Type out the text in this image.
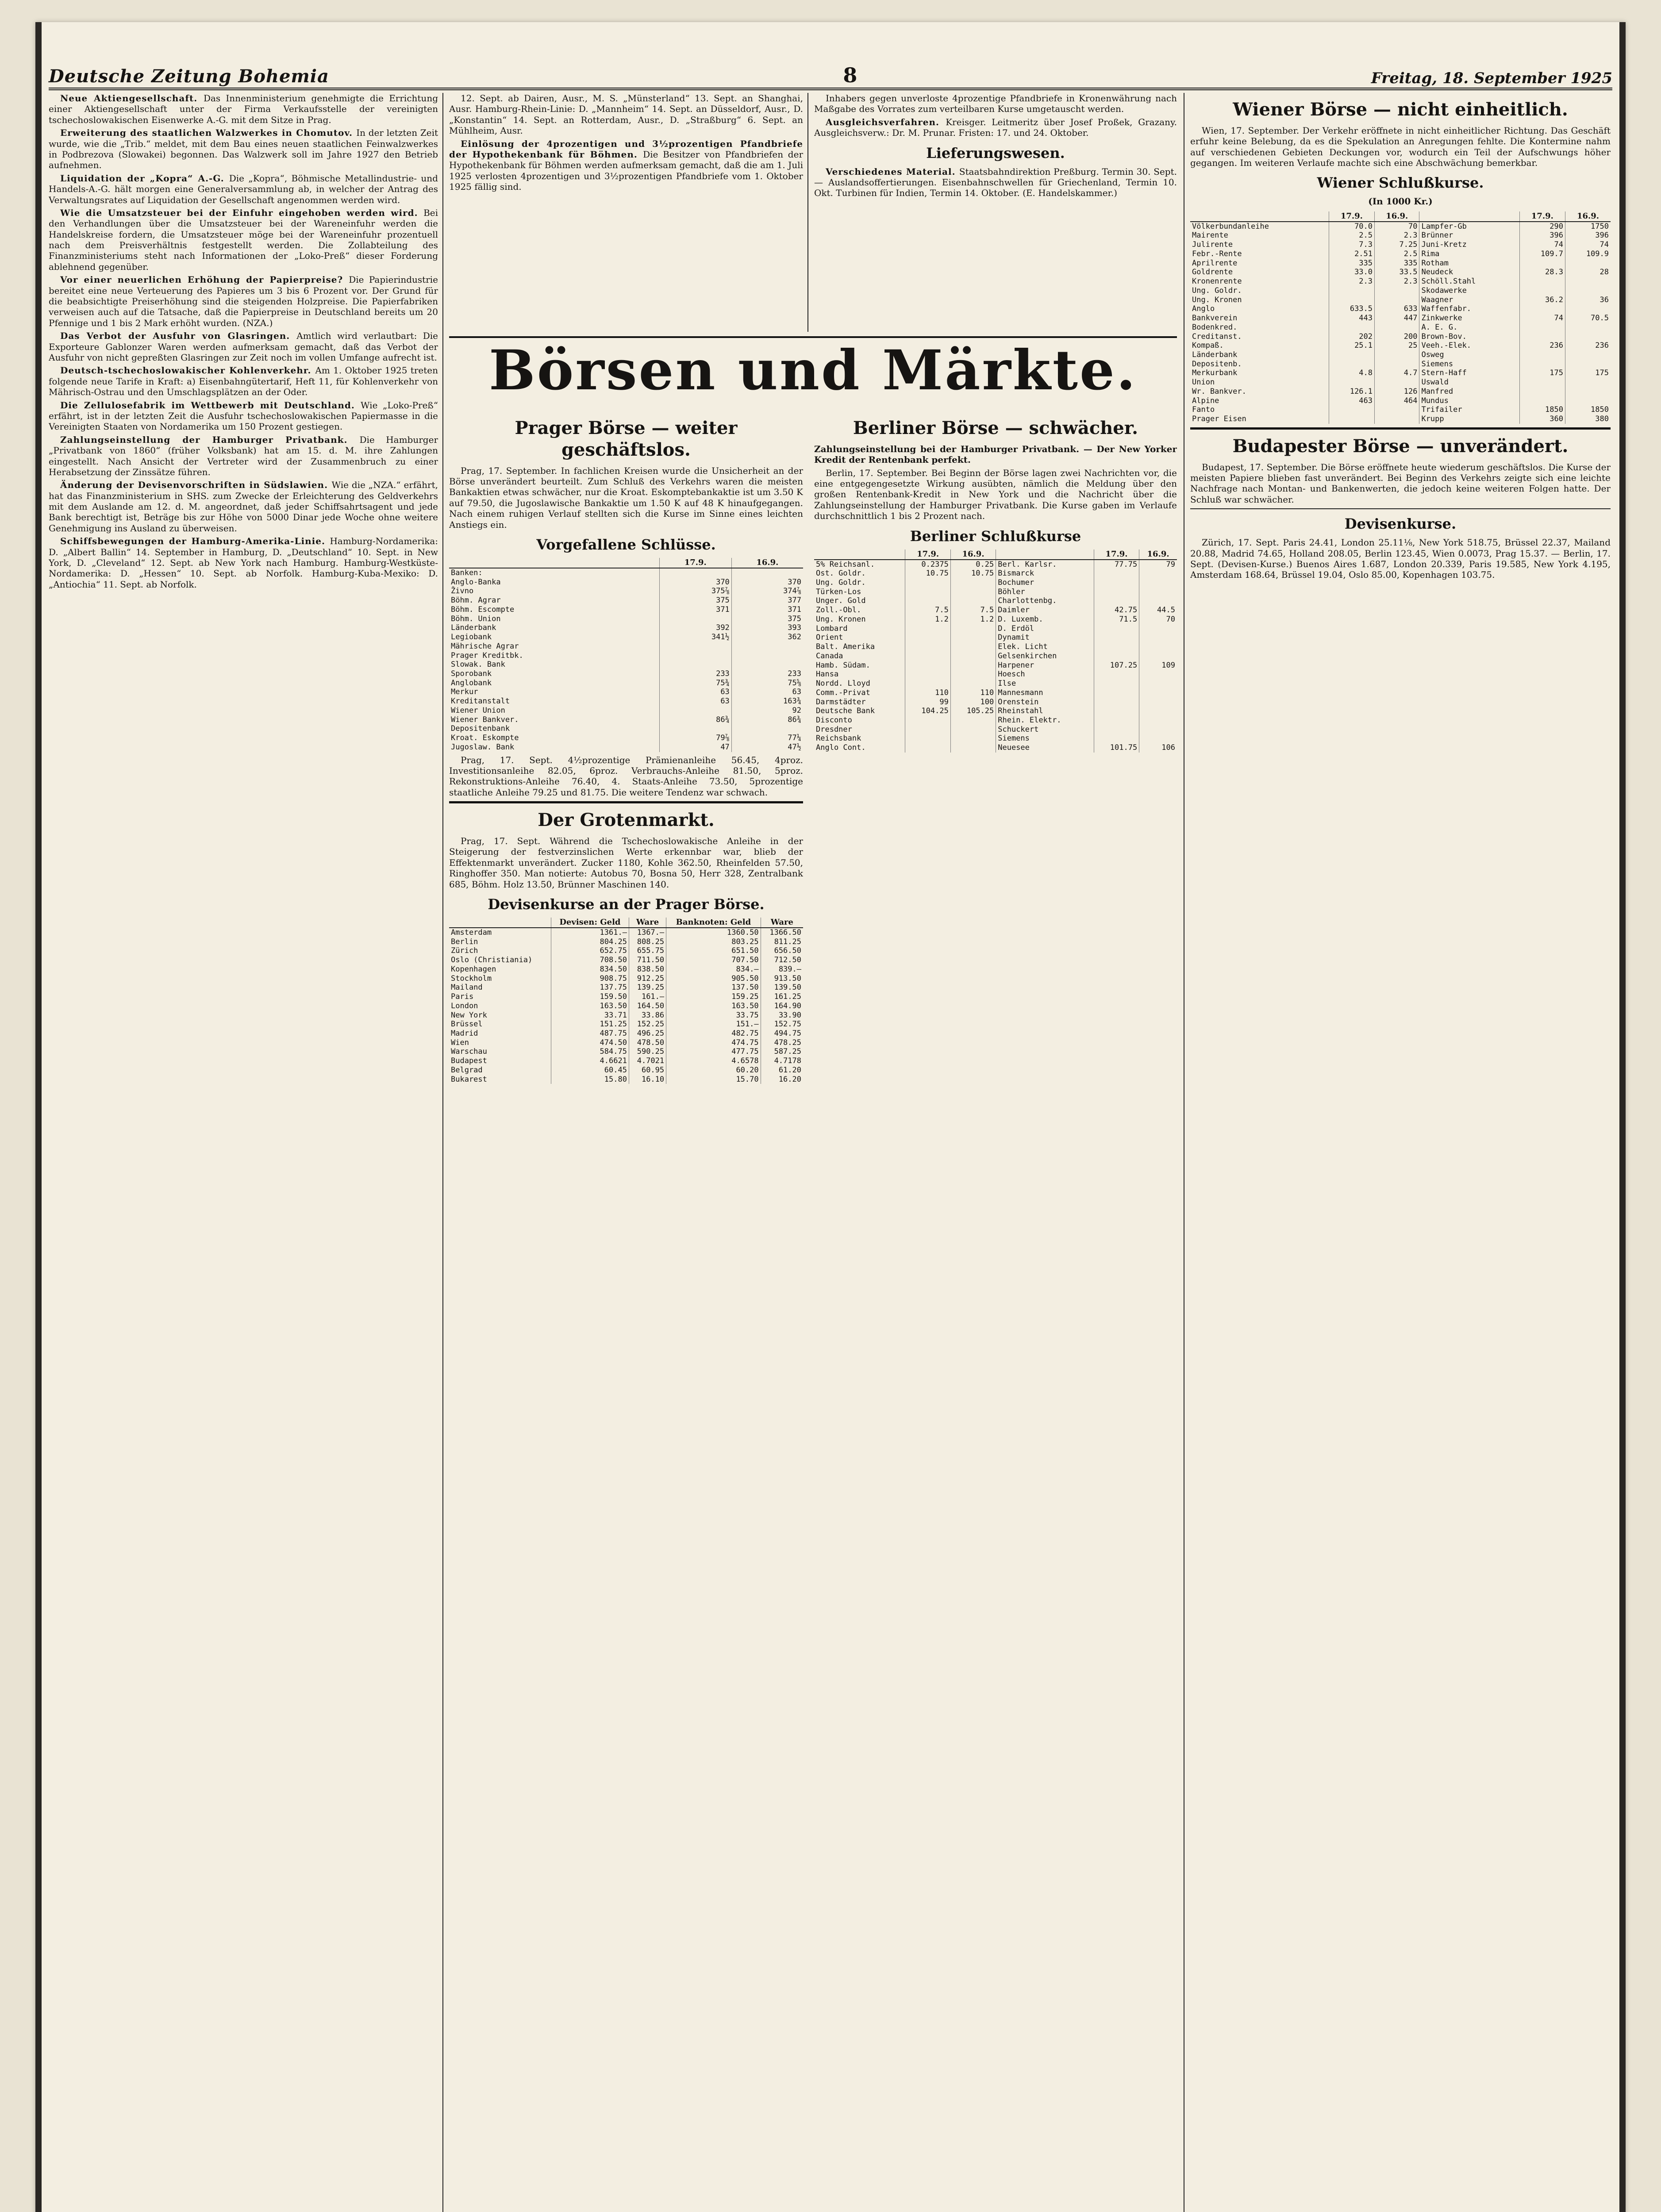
Deutsche Zeitung Bohemia	8	Freitag, 18. September 1925

Neue Aktiengesellschaft. Das Innenministerium genehmigte die Errichtung einer Aktiengesellschaft unter der Firma Verkaufsstelle der vereinigten tschechoslowakischen Eisenwerke A.-G. mit dem Sitze in Prag.

Erweiterung des staatlichen Walzwerkes in Chomutov. In der letzten Zeit wurde, wie die „Trib.“ meldet, mit dem Bau eines neuen staatlichen Feinwalzwerkes in Podbrezova (Slowakei) begonnen. Das Walzwerk soll im Jahre 1927 den Betrieb aufnehmen.

Liquidation der „Kopra“ A.-G. Die „Kopra“, Böhmische Metallindustrie- und Handels-A.-G. hält morgen eine Generalversammlung ab, in welcher der Antrag des Verwaltungsrates auf Liquidation der Gesellschaft angenommen werden wird.

Wie die Umsatzsteuer bei der Einfuhr eingehoben werden wird. Bei den Verhandlungen über die Umsatzsteuer bei der Wareneinfuhr werden die Handelskreise fordern, die Umsatzsteuer möge bei der Wareneinfuhr prozentuell nach dem Preisverhältnis festgestellt werden. Die Zollabteilung des Finanzministeriums steht nach Informationen der „Loko-Preß“ dieser Forderung ablehnend gegenüber.

Vor einer neuerlichen Erhöhung der Papierpreise? Die Papierindustrie bereitet eine neue Verteuerung des Papieres um 3 bis 6 Prozent vor. Der Grund für die beabsichtigte Preiserhöhung sind die steigenden Holzpreise. Die Papierfabriken verweisen auch auf die Tatsache, daß die Papierpreise in Deutschland bereits um 20 Pfennige und 1 bis 2 Mark erhöht wurden. (NZA.)

Das Verbot der Ausfuhr von Glasringen. Amtlich wird verlautbart: Die Exporteure Gablonzer Waren werden aufmerksam gemacht, daß das Verbot der Ausfuhr von nicht gepreßten Glasringen zur Zeit noch im vollen Umfange aufrecht ist.

Deutsch-tschechoslowakischer Kohlenverkehr. Am 1. Oktober 1925 treten folgende neue Tarife in Kraft: a) Eisenbahngütertarif, Heft 11, für Kohlenverkehr von Mährisch-Ostrau und den Umschlagsplätzen an der Oder.

Die Zellulosefabrik im Wettbewerb mit Deutschland. Wie „Loko-Preß“ erfährt, ist in der letzten Zeit die Ausfuhr tschechoslowakischen Papiermasse in die Vereinigten Staaten von Nordamerika um 150 Prozent gestiegen.

Zahlungseinstellung der Hamburger Privatbank. Die Hamburger „Privatbank von 1860“ (früher Volksbank) hat am 15. d. M. ihre Zahlungen eingestellt. Nach Ansicht der Vertreter wird der Zusammenbruch zu einer Herabsetzung der Zinssätze führen.

Änderung der Devisenvorschriften in Südslawien. Wie die „NZA.“ erfährt, hat das Finanzministerium in SHS. zum Zwecke der Erleichterung des Geldverkehrs mit dem Auslande am 12. d. M. angeordnet, daß jeder Schiffsahrtsagent und jede Bank berechtigt ist, Beträge bis zur Höhe von 5000 Dinar jede Woche ohne weitere Genehmigung ins Ausland zu überweisen.

Schiffsbewegungen der Hamburg-Amerika-Linie. Hamburg-Nordamerika: D. „Albert Ballin“ 14. September in Hamburg, D. „Deutschland“ 10. Sept. in New York, D. „Cleveland“ 12. Sept. ab New York nach Hamburg. Hamburg-Westküste-Nordamerika: D. „Hessen“ 10. Sept. ab Norfolk. Hamburg-Kuba-Mexiko: D. „Antiochia“ 11. Sept. ab Norfolk.

12. Sept. ab Dairen, Ausr., M. S. „Münsterland“ 13. Sept. an Shanghai, Ausr. Hamburg-Rhein-Linie: D. „Mannheim“ 14. Sept. an Düsseldorf, Ausr., D. „Konstantin“ 14. Sept. an Rotterdam, Ausr., D. „Straßburg“ 6. Sept. an Mühlheim, Ausr.

Einlösung der 4prozentigen und 3½prozentigen Pfandbriefe der Hypothekenbank für Böhmen. Die Besitzer von Pfandbriefen der Hypothekenbank für Böhmen werden aufmerksam gemacht, daß die am 1. Juli 1925 verlosten 4prozentigen und 3½prozentigen Pfandbriefe vom 1. Oktober 1925 fällig sind.

Inhabers gegen unverloste 4prozentige Pfandbriefe in Kronenwährung nach Maßgabe des Vorrates zum verteilbaren Kurse umgetauscht werden.

Ausgleichsverfahren. Kreisger. Leitmeritz über Josef Proßek, Grazany. Ausgleichsverw.: Dr. M. Prunar. Fristen: 17. und 24. Oktober.

Lieferungswesen.

Verschiedenes Material. Staatsbahndirektion Preßburg. Termin 30. Sept. — Auslandsoffertierungen. Eisenbahnschwellen für Griechenland, Termin 10. Okt. Turbinen für Indien, Termin 14. Oktober. (E. Handelskammer.)

Börsen und Märkte.
Prager Börse — weiter geschäftslos.

Prag, 17. September. In fachlichen Kreisen wurde die Unsicherheit an der Börse unverändert beurteilt. Zum Schluß des Verkehrs waren die meisten Bankaktien etwas schwächer, nur die Kroat. Eskomptebankaktie ist um 3.50 K auf 79.50, die Jugoslawische Bankaktie um 1.50 K auf 48 K hinaufgegangen. Nach einem ruhigen Verlauf stellten sich die Kurse im Sinne eines leichten Anstiegs ein.

Vorgefallene Schlüsse.
	17.9.	16.9.
Banken:		
Anglo-Banka	370	370
Živno	375⅞	374⅞
Böhm. Agrar	375	377
Böhm. Escompte	371	371
Böhm. Union		375
Länderbank	392	393
Legiobank	341½	362
Mährische Agrar		
Prager Kreditbk.		
Slowak. Bank		
Sporobank	233	233
Anglobank	75¾	75⅝
Merkur	63	63
Kreditanstalt	63	163¾
Wiener Union		92
Wiener Bankver.	86¾	86¾
Depositenbank		
Kroat. Eskompte	79⅞	77¼
Jugoslaw. Bank	47	47½

Prag, 17. Sept. 4½prozentige Prämienanleihe 56.45, 4proz. Investitionsanleihe 82.05, 6proz. Verbrauchs-Anleihe 81.50, 5proz. Rekonstruktions-Anleihe 76.40, 4. Staats-Anleihe 73.50, 5prozentige staatliche Anleihe 79.25 und 81.75. Die weitere Tendenz war schwach.

Der Grotenmarkt.

Prag, 17. Sept. Während die Tschechoslowakische Anleihe in der Steigerung der festverzinslichen Werte erkennbar war, blieb der Effektenmarkt unverändert. Zucker 1180, Kohle 362.50, Rheinfelden 57.50, Ringhoffer 350. Man notierte: Autobus 70, Bosna 50, Herr 328, Zentralbank 685, Böhm. Holz 13.50, Brünner Maschinen 140.

Devisenkurse an der Prager Börse.
	Devisen: Geld	Ware	Banknoten: Geld	Ware
Amsterdam	1361.—	1367.—	1360.50	1366.50
Berlin	804.25	808.25	803.25	811.25
Zürich	652.75	655.75	651.50	656.50
Oslo (Christiania)	708.50	711.50	707.50	712.50
Kopenhagen	834.50	838.50	834.—	839.—
Stockholm	908.75	912.25	905.50	913.50
Mailand	137.75	139.25	137.50	139.50
Paris	159.50	161.—	159.25	161.25
London	163.50	164.50	163.50	164.90
New York	33.71	33.86	33.75	33.90
Brüssel	151.25	152.25	151.—	152.75
Madrid	487.75	496.25	482.75	494.75
Wien	474.50	478.50	474.75	478.25
Warschau	584.75	590.25	477.75	587.25
Budapest	4.6621	4.7021	4.6578	4.7178
Belgrad	60.45	60.95	60.20	61.20
Bukarest	15.80	16.10	15.70	16.20
Berliner Börse — schwächer.

Zahlungseinstellung bei der Hamburger Privatbank. — Der New Yorker Kredit der Rentenbank perfekt.

Berlin, 17. September. Bei Beginn der Börse lagen zwei Nachrichten vor, die eine entgegengesetzte Wirkung ausübten, nämlich die Meldung über den großen Rentenbank-Kredit in New York und die Nachricht über die Zahlungseinstellung der Hamburger Privatbank. Die Kurse gaben im Verlaufe durchschnittlich 1 bis 2 Prozent nach.

Berliner Schlußkurse
	17.9.	16.9.		17.9.	16.9.
5% Reichsanl.	0.2375	0.25	Berl. Karlsr.	77.75	79
Ost. Goldr.	10.75	10.75	Bismarck		
Ung. Goldr.			Bochumer		
Türken-Los			Böhler		
Unger. Gold			Charlottenbg.		
Zoll.-Obl.	7.5	7.5	Daimler	42.75	44.5
Ung. Kronen	1.2	1.2	D. Luxemb.	71.5	70
Lombard			D. Erdöl		
Orient			Dynamit		
Balt. Amerika			Elek. Licht		
Canada			Gelsenkirchen		
Hamb. Südam.			Harpener	107.25	109
Hansa			Hoesch		
Nordd. Lloyd			Ilse		
Comm.-Privat	110	110	Mannesmann		
Darmstädter	99	100	Orenstein		
Deutsche Bank	104.25	105.25	Rheinstahl		
Disconto			Rhein. Elektr.		
Dresdner			Schuckert		
Reichsbank			Siemens		
Anglo Cont.			Neuesee	101.75	106
Wiener Börse — nicht einheitlich.

Wien, 17. September. Der Verkehr eröffnete in nicht einheitlicher Richtung. Das Geschäft erfuhr keine Belebung, da es die Spekulation an Anregungen fehlte. Die Kontermine nahm auf verschiedenen Gebieten Deckungen vor, wodurch ein Teil der Aufschwungs höher gegangen. Im weiteren Verlaufe machte sich eine Abschwächung bemerkbar.

Wiener Schlußkurse.
(In 1000 Kr.)
	17.9.	16.9.		17.9.	16.9.
Völkerbundanleihe	70.0	70	Lampfer-Gb	290	1750
Mairente	2.5	2.3	Brünner	396	396
Julirente	7.3	7.25	Juni-Kretz	74	74
Febr.-Rente	2.51	2.5	Rima	109.7	109.9
Aprilrente	335	335	Rotham		
Goldrente	33.0	33.5	Neudeck	28.3	28
Kronenrente	2.3	2.3	Schöll.Stahl		
Ung. Goldr.			Skodawerke		
Ung. Kronen			Waagner	36.2	36
Anglo	633.5	633	Waffenfabr.		
Bankverein	443	447	Zinkwerke	74	70.5
Bodenkred.			A. E. G.		
Creditanst.	202	200	Brown-Bov.		
Kompaß.	25.1	25	Veeh.-Elek.	236	236
Länderbank			Osweg		
Depositenb.			Siemens		
Merkurbank	4.8	4.7	Stern-Haff	175	175
Union			Uswald		
Wr. Bankver.	126.1	126	Manfred		
Alpine	463	464	Mundus		
Fanto			Trifailer	1850	1850
Prager Eisen			Krupp	360	380
Budapester Börse — unverändert.

Budapest, 17. September. Die Börse eröffnete heute wiederum geschäftslos. Die Kurse der meisten Papiere blieben fast unverändert. Bei Beginn des Verkehrs zeigte sich eine leichte Nachfrage nach Montan- und Bankenwerten, die jedoch keine weiteren Folgen hatte. Der Schluß war schwächer.

Devisenkurse.

Zürich, 17. Sept. Paris 24.41, London 25.11⅛, New York 518.75, Brüssel 22.37, Mailand 20.88, Madrid 74.65, Holland 208.05, Berlin 123.45, Wien 0.0073, Prag 15.37. — Berlin, 17. Sept. (Devisen-Kurse.) Buenos Aires 1.687, London 20.339, Paris 19.585, New York 4.195, Amsterdam 168.64, Brüssel 19.04, Oslo 85.00, Kopenhagen 103.75.
